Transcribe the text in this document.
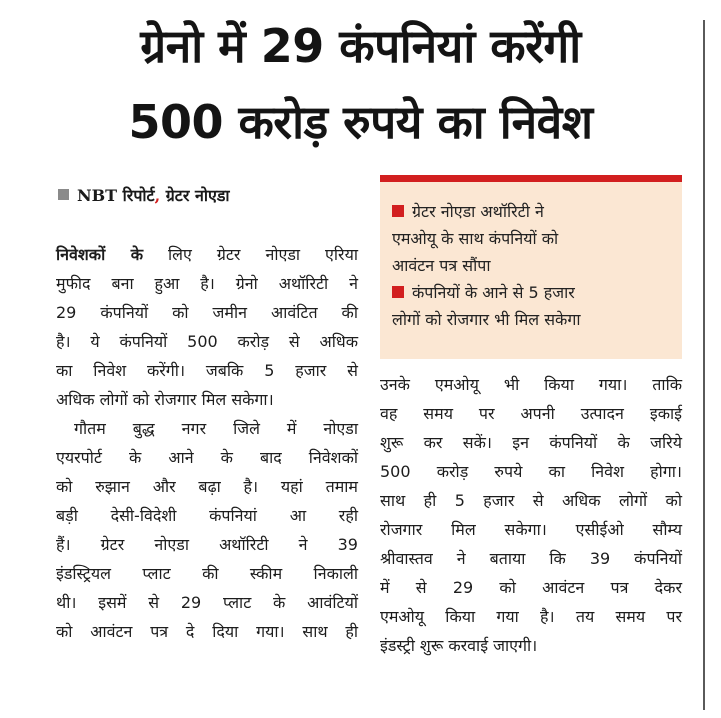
ग्रेनो में 29 कंपनियां करेंगी
500 करोड़ रुपये का निवेश
NBT रिपोर्ट, ग्रेटर नोएडा
ग्रेटर नोएडा अथॉरिटी ने
एमओयू के साथ कंपनियों को
आवंटन पत्र सौंपा
कंपनियों के आने से 5 हजार
लोगों को रोजगार भी मिल सकेगा
निवेशकों के लिए ग्रेटर नोएडा एरिया
मुफीद बना हुआ है। ग्रेनो अथॉरिटी ने
29 कंपनियों को जमीन आवंटित की
है। ये कंपनियों 500 करोड़ से अधिक
का निवेश करेंगी। जबकि 5 हजार से
अधिक लोगों को रोजगार मिल सकेगा।
गौतम बुद्ध नगर जिले में नोएडा
एयरपोर्ट के आने के बाद निवेशकों
को रुझान और बढ़ा है। यहां तमाम
बड़ी देसी-विदेशी कंपनियां आ रही
हैं। ग्रेटर नोएडा अथॉरिटी ने 39
इंडस्ट्रियल प्लाट की स्कीम निकाली
थी। इसमें से 29 प्लाट के आवंटियों
को आवंटन पत्र दे दिया गया। साथ ही
उनके एमओयू भी किया गया। ताकि
वह समय पर अपनी उत्पादन इकाई
शुरू कर सकें। इन कंपनियों के जरिये
500 करोड़ रुपये का निवेश होगा।
साथ ही 5 हजार से अधिक लोगों को
रोजगार मिल सकेगा। एसीईओ सौम्य
श्रीवास्तव ने बताया कि 39 कंपनियों
में से 29 को आवंटन पत्र देकर
एमओयू किया गया है। तय समय पर
इंडस्ट्री शुरू करवाई जाएगी।
